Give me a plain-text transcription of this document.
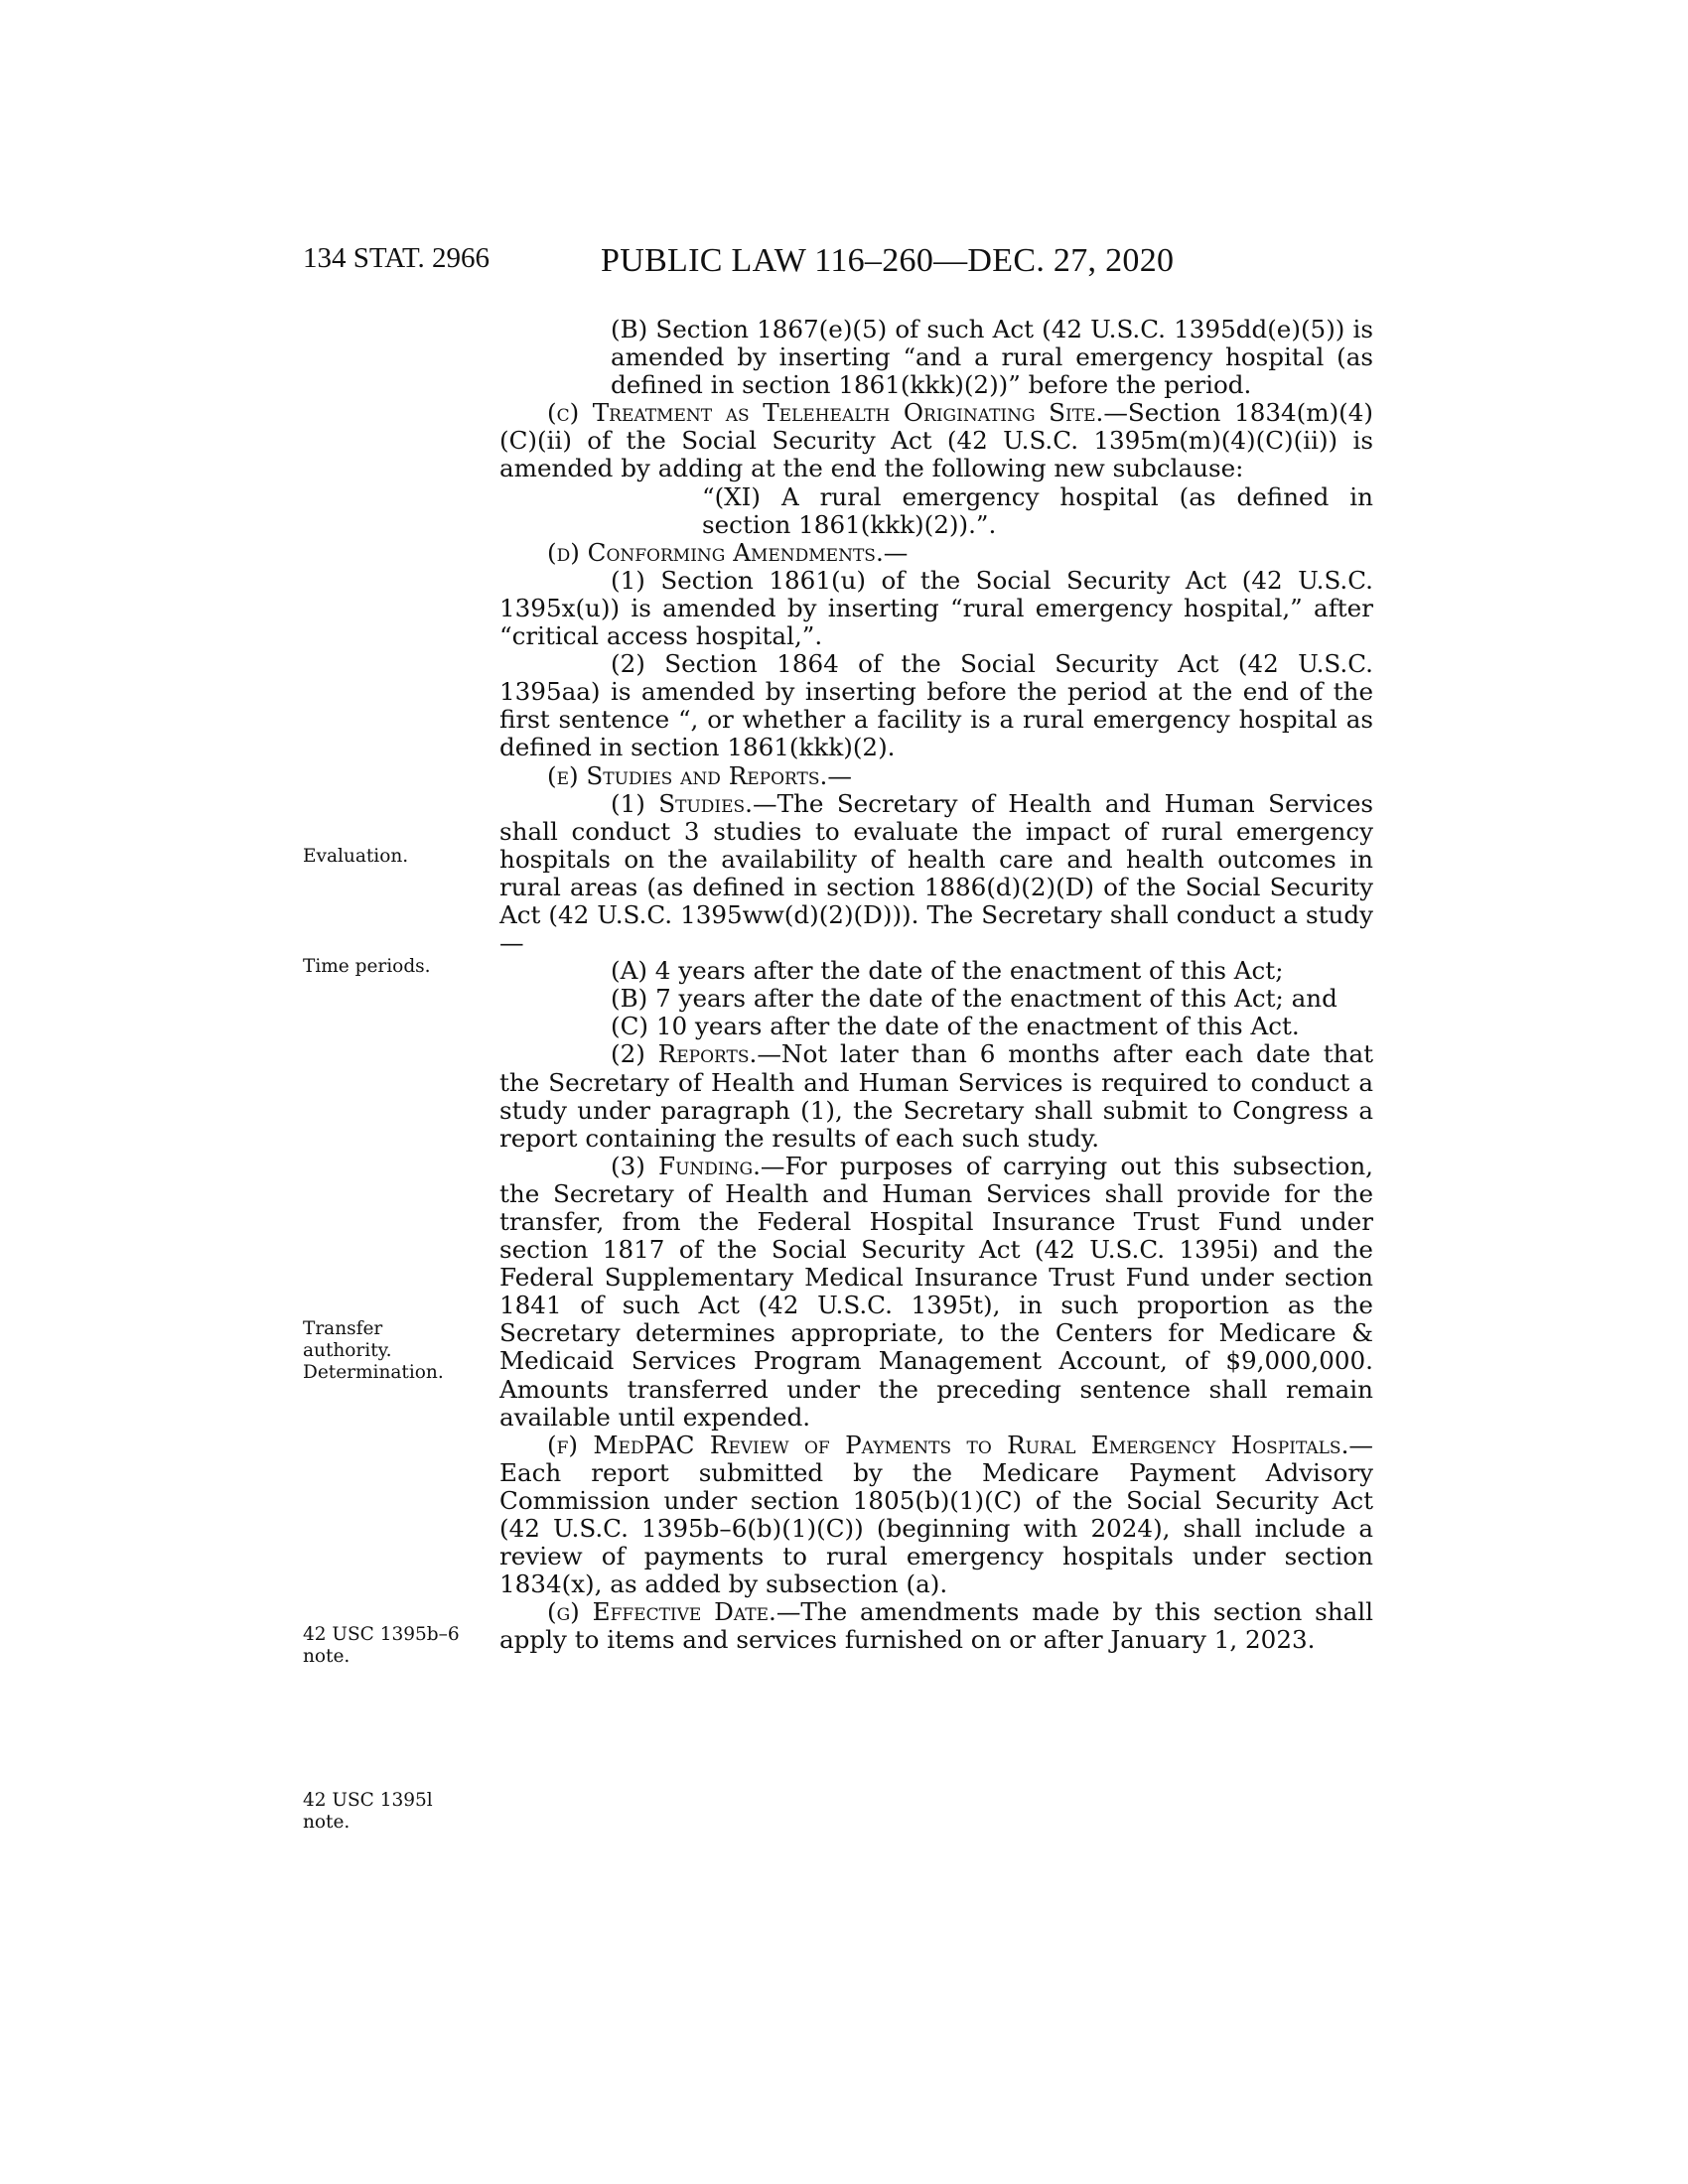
134 STAT. 2966	PUBLIC LAW 116–260—DEC. 27, 2020
Evaluation.
Time periods.
Transfer
authority.
Determination.
42 USC 1395b–6
note.
42 USC 1395l
note.

(B) Section 1867(e)(5) of such Act (42 U.S.C. 1395dd(e)(5)) is amended by inserting “and a rural emergency hospital (as defined in section 1861(kkk)(2))” before the period.

(c) Treatment as Telehealth Originating Site.—Section 1834(m)(4)(C)(ii) of the Social Security Act (42 U.S.C. 1395m(m)(4)(C)(ii)) is amended by adding at the end the following new subclause:

“(XI) A rural emergency hospital (as defined in section 1861(kkk)(2)).”.

(d) Conforming Amendments.—

(1) Section 1861(u) of the Social Security Act (42 U.S.C. 1395x(u)) is amended by inserting “rural emergency hospital,” after “critical access hospital,”.

(2) Section 1864 of the Social Security Act (42 U.S.C. 1395aa) is amended by inserting before the period at the end of the first sentence “, or whether a facility is a rural emergency hospital as defined in section 1861(kkk)(2).

(e) Studies and Reports.—

(1) Studies.—The Secretary of Health and Human Services shall conduct 3 studies to evaluate the impact of rural emergency hospitals on the availability of health care and health outcomes in rural areas (as defined in section 1886(d)(2)(D) of the Social Security Act (42 U.S.C. 1395ww(d)(2)(D))). The Secretary shall conduct a study—

(A) 4 years after the date of the enactment of this Act;

(B) 7 years after the date of the enactment of this Act; and

(C) 10 years after the date of the enactment of this Act.

(2) Reports.—Not later than 6 months after each date that the Secretary of Health and Human Services is required to conduct a study under paragraph (1), the Secretary shall submit to Congress a report containing the results of each such study.

(3) Funding.—For purposes of carrying out this subsection, the Secretary of Health and Human Services shall provide for the transfer, from the Federal Hospital Insurance Trust Fund under section 1817 of the Social Security Act (42 U.S.C. 1395i) and the Federal Supplementary Medical Insurance Trust Fund under section 1841 of such Act (42 U.S.C. 1395t), in such proportion as the Secretary determines appropriate, to the Centers for Medicare & Medicaid Services Program Management Account, of $9,000,000. Amounts transferred under the preceding sentence shall remain available until expended.

(f) MedPAC Review of Payments to Rural Emergency Hospitals.—Each report submitted by the Medicare Payment Advisory Commission under section 1805(b)(1)(C) of the Social Security Act (42 U.S.C. 1395b–6(b)(1)(C)) (beginning with 2024), shall include a review of payments to rural emergency hospitals under section 1834(x), as added by subsection (a).

(g) Effective Date.—The amendments made by this section shall apply to items and services furnished on or after January 1, 2023.
